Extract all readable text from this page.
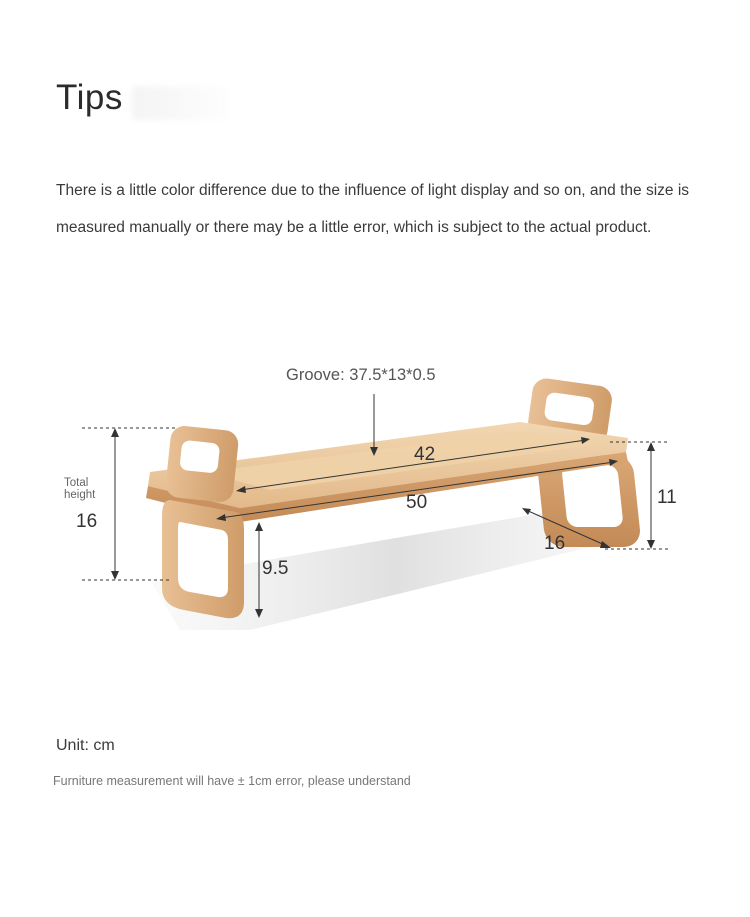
Tips
There is a little color difference due to the influence of light display and so on, and the size is measured manually or there may be a little error, which is subject to the actual product.
Groove: 37.5*13*0.5
42
50
Total
height
16
9.5
11
16
Unit: cm
Furniture measurement will have ± 1cm error, please understand
